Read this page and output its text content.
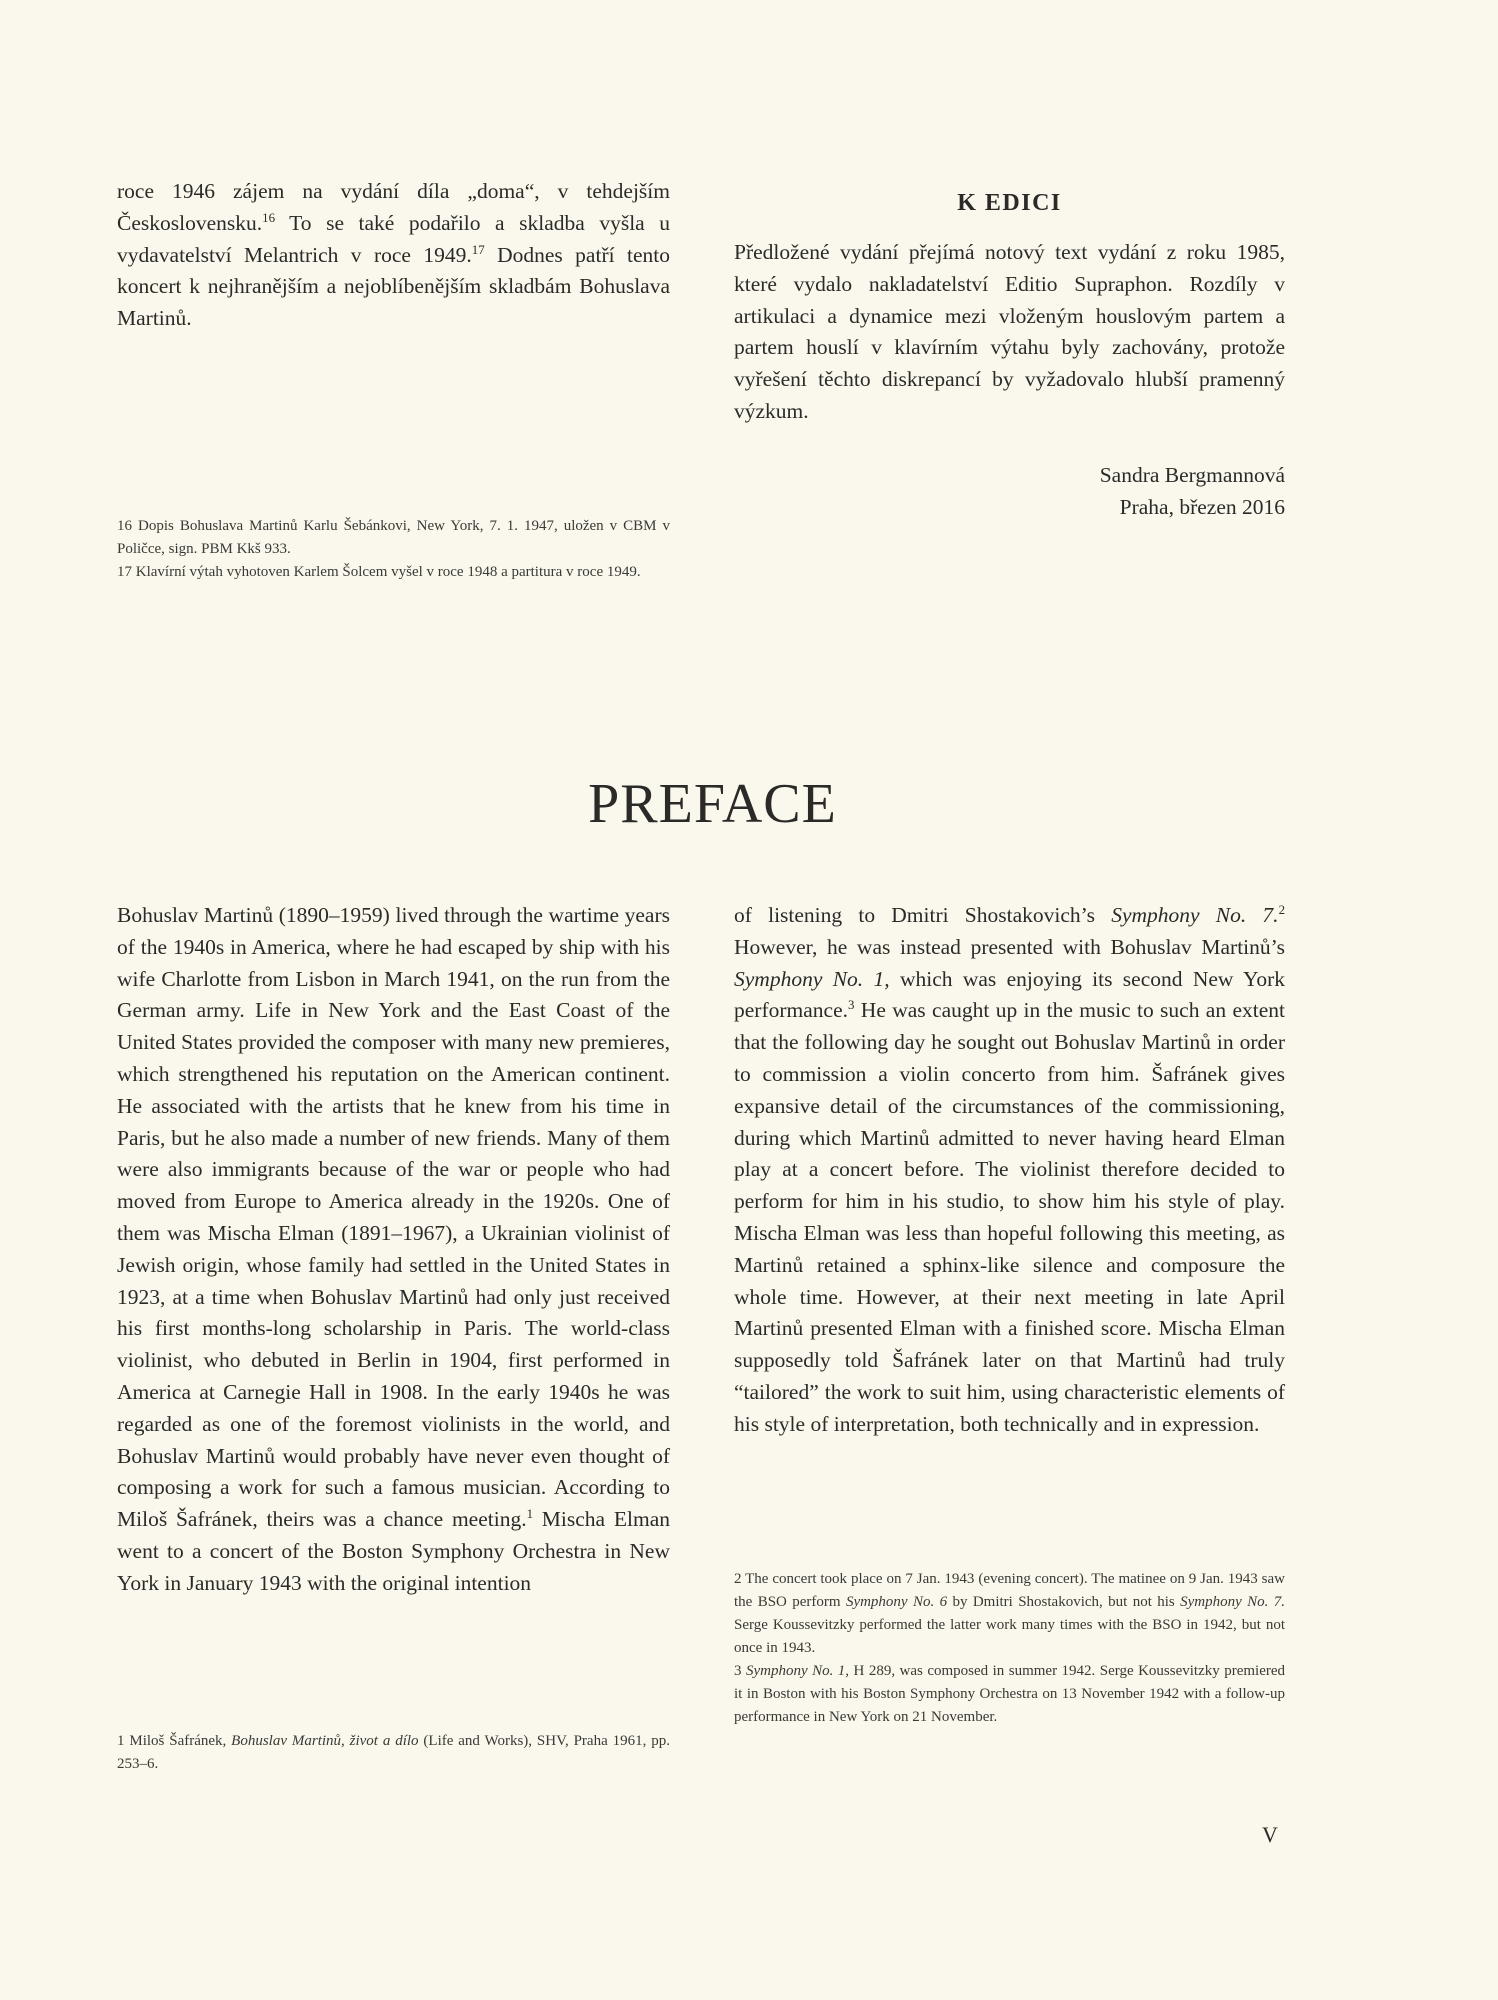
roce 1946 zájem na vydání díla „doma“, v tehdejším Československu.$^{16}$ To se také podařilo a skladba vyšla u vydavatelství Melantrich v roce 1949.17 Dodnes patří tento koncert k nejhranějším a nejoblíbenějším skladbám Bohuslava Martinů.

16 Dopis Bohuslava Martinů Karlu Šebánkovi, New York, 7. 1. 1947, uložen v CBM v Poličce, sign. PBM Kkš 933.

17 Klavírní výtah vyhotoven Karlem Šolcem vyšel v roce 1948 a partitura v roce 1949.

K EDICI

Předložené vydání přejímá notový text vydání z roku 1985, které vydalo nakladatelství Editio Supraphon. Rozdíly v artikulaci a dynamice mezi vloženým houslovým partem a partem houslí v klavírním výtahu byly zachovány, protože vyřešení těchto diskrepancí by vyžadovalo hlubší pramenný výzkum.

Sandra Bergmannová

Praha, březen 2016

PREFACE

Bohuslav Martinů (1890–1959) lived through the wartime years of the 1940s in America, where he had escaped by ship with his wife Charlotte from Lisbon in March 1941, on the run from the German army. Life in New York and the East Coast of the United States provided the composer with many new premieres, which strengthened his reputation on the American continent. He associated with the artists that he knew from his time in Paris, but he also made a number of new friends. Many of them were also immigrants because of the war or people who had moved from Europe to America already in the 1920s. One of them was Mischa Elman (1891–1967), a Ukrainian violinist of Jewish origin, whose family had settled in the United States in 1923, at a time when Bohuslav Martinů had only just received his first months-long scholarship in Paris. The world-class violinist, who debuted in Berlin in 1904, first performed in America at Carnegie Hall in 1908. In the early 1940s he was regarded as one of the foremost violinists in the world, and Bohuslav Martinů would probably have never even thought of composing a work for such a famous musician. According to Miloš Šafránek, theirs was a chance meeting.$^1$ Mischa Elman went to a concert of the Boston Symphony Orchestra in New York in January 1943 with the original intention

of listening to Dmitri Shostakovich’s Symphony No. 7.$^2$ However, he was instead presented with Bohuslav Martinů’s Symphony No. 1, which was enjoying its second New York performance.$^3$ He was caught up in the music to such an extent that the following day he sought out Bohuslav Martinů in order to commission a violin concerto from him. Šafránek gives expansive detail of the circumstances of the commissioning, during which Martinů admitted to never having heard Elman play at a concert before. The violinist therefore decided to perform for him in his studio, to show him his style of play. Mischa Elman was less than hopeful following this meeting, as Martinů retained a sphinx-like silence and composure the whole time. However, at their next meeting in late April Martinů presented Elman with a finished score. Mischa Elman supposedly told Šafránek later on that Martinů had truly “tailored” the work to suit him, using characteristic elements of his style of interpretation, both technically and in expression.

1 Miloš Šafránek, Bohuslav Martinů, život a dílo (Life and Works), SHV, Praha 1961, pp. 253–6.

2 The concert took place on 7 Jan. 1943 (evening concert). The matinee on 9 Jan. 1943 saw the BSO perform Symphony No. 6 by Dmitri Shostakovich, but not his Symphony No. 7. Serge Koussevitzky performed the latter work many times with the BSO in 1942, but not once in 1943.

3 Symphony No. 1, H 289, was composed in summer 1942. Serge Koussevitzky premiered it in Boston with his Boston Symphony Orchestra on 13 November 1942 with a follow-up performance in New York on 21 November.

V
